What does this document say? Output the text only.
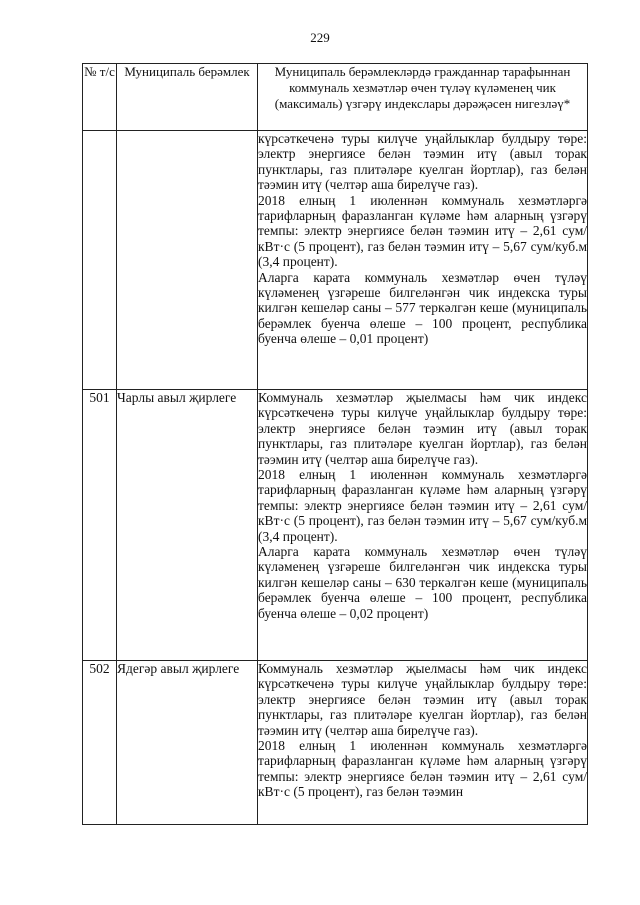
229
№ т/с	Муниципаль берәмлек	Муниципаль берәмлекләрдә гражданнар тарафыннан коммуналь хезмәтләр өчен түләү күләменең чик (максималь) үзгәрү индекслары дәрәҗәсен нигезләү*

		күрсәткеченә туры килүче уңайлыклар булдыру төре: электр энергиясе белән тәэмин итү (авыл торак пунктлары, газ плитәләре куелган йортлар), газ белән тәэмин итү (челтәр аша бирелүче газ).

2018 елның 1 июленнән коммуналь хезмәтләргә тарифларның фаразланган күләме һәм аларның үзгәрү темпы: электр энергиясе белән тәэмин итү – 2,61 сум/кВт·с (5 процент), газ белән тәэмин итү – 5,67 сум/куб.м (3,4 процент).

Аларга карата коммуналь хезмәтләр өчен түләү күләменең үзгәреше билгеләнгән чик индекска туры килгән кешеләр саны – 577 теркәлгән кеше (муниципаль берәмлек буенча өлеше – 100 процент, республика буенча өлеше – 0,01 процент)

501	Чарлы авыл җирлеге	Коммуналь хезмәтләр җыелмасы һәм чик индекс күрсәткеченә туры килүче уңайлыклар булдыру төре: электр энергиясе белән тәэмин итү (авыл торак пунктлары, газ плитәләре куелган йортлар), газ белән тәэмин итү (челтәр аша бирелүче газ).

2018 елның 1 июленнән коммуналь хезмәтләргә тарифларның фаразланган күләме һәм аларның үзгәрү темпы: электр энергиясе белән тәэмин итү – 2,61 сум/кВт·с (5 процент), газ белән тәэмин итү – 5,67 сум/куб.м (3,4 процент).

Аларга карата коммуналь хезмәтләр өчен түләү күләменең үзгәреше билгеләнгән чик индекска туры килгән кешеләр саны – 630 теркәлгән кеше (муниципаль берәмлек буенча өлеше – 100 процент, республика буенча өлеше – 0,02 процент)

502	Ядегәр авыл җирлеге	Коммуналь хезмәтләр җыелмасы һәм чик индекс күрсәткеченә туры килүче уңайлыклар булдыру төре: электр энергиясе белән тәэмин итү (авыл торак пунктлары, газ плитәләре куелган йортлар), газ белән тәэмин итү (челтәр аша бирелүче газ).

2018 елның 1 июленнән коммуналь хезмәтләргә тарифларның фаразланган күләме һәм аларның үзгәрү темпы: электр энергиясе белән тәэмин итү – 2,61 сум/кВт·с (5 процент), газ белән тәэмин
